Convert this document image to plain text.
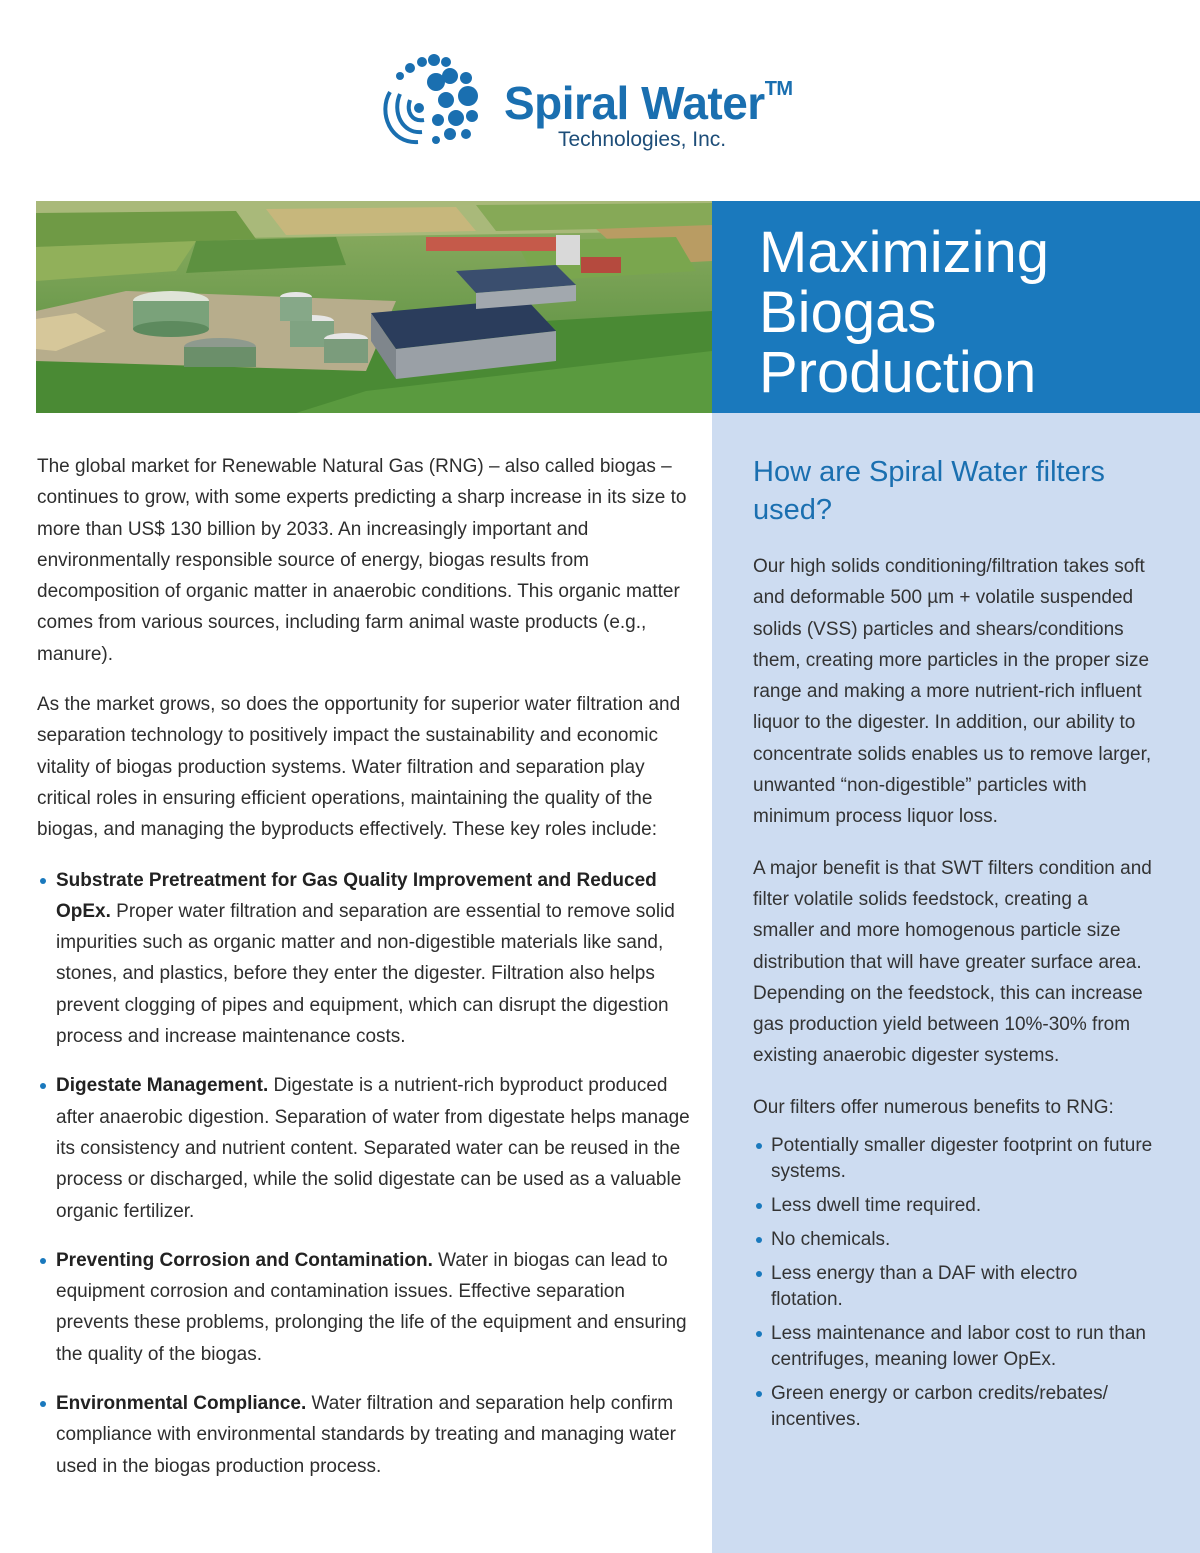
Spiral Water™
Technologies, Inc.
Maximizing
Biogas
Production
How are Spiral Water filters used?

Our high solids conditioning/filtration takes soft and deformable 500 µm + volatile suspended solids (VSS) particles and shears/conditions them, creating more particles in the proper size range and making a more nutrient-rich influent liquor to the digester. In addition, our ability to concentrate solids enables us to remove larger, unwanted “non-digestible” particles with minimum process liquor loss.

A major benefit is that SWT filters condition and filter volatile solids feedstock, creating a smaller and more homogenous particle size distribution that will have greater surface area. Depending on the feedstock, this can increase gas production yield between 10%-30% from existing anaerobic digester systems.

Our filters offer numerous benefits to RNG:

Potentially smaller digester footprint on future systems.
Less dwell time required.
No chemicals.
Less energy than a DAF with electro flotation.
Less maintenance and labor cost to run than centrifuges, meaning lower OpEx.
Green energy or carbon credits/rebates/ incentives.

The global market for Renewable Natural Gas (RNG) – also called biogas – continues to grow, with some experts predicting a sharp increase in its size to more than US$ 130 billion by 2033. An increasingly important and environmentally responsible source of energy, biogas results from decomposition of organic matter in anaerobic conditions. This organic matter comes from various sources, including farm animal waste products (e.g., manure).

As the market grows, so does the opportunity for superior water filtration and separation technology to positively impact the sustainability and economic vitality of biogas production systems. Water filtration and separation play critical roles in ensuring efficient operations, maintaining the quality of the biogas, and managing the byproducts effectively. These key roles include:

Substrate Pretreatment for Gas Quality Improvement and Reduced OpEx. Proper water filtration and separation are essential to remove solid impurities such as organic matter and non-digestible materials like sand, stones, and plastics, before they enter the digester. Filtration also helps prevent clogging of pipes and equipment, which can disrupt the digestion process and increase maintenance costs.
Digestate Management. Digestate is a nutrient-rich byproduct produced after anaerobic digestion. Separation of water from digestate helps manage its consistency and nutrient content. Separated water can be reused in the process or discharged, while the solid digestate can be used as a valuable organic fertilizer.
Preventing Corrosion and Contamination. Water in biogas can lead to equipment corrosion and contamination issues. Effective separation prevents these problems, prolonging the life of the equipment and ensuring the quality of the biogas.
Environmental Compliance. Water filtration and separation help confirm compliance with environmental standards by treating and managing water used in the biogas production process.
